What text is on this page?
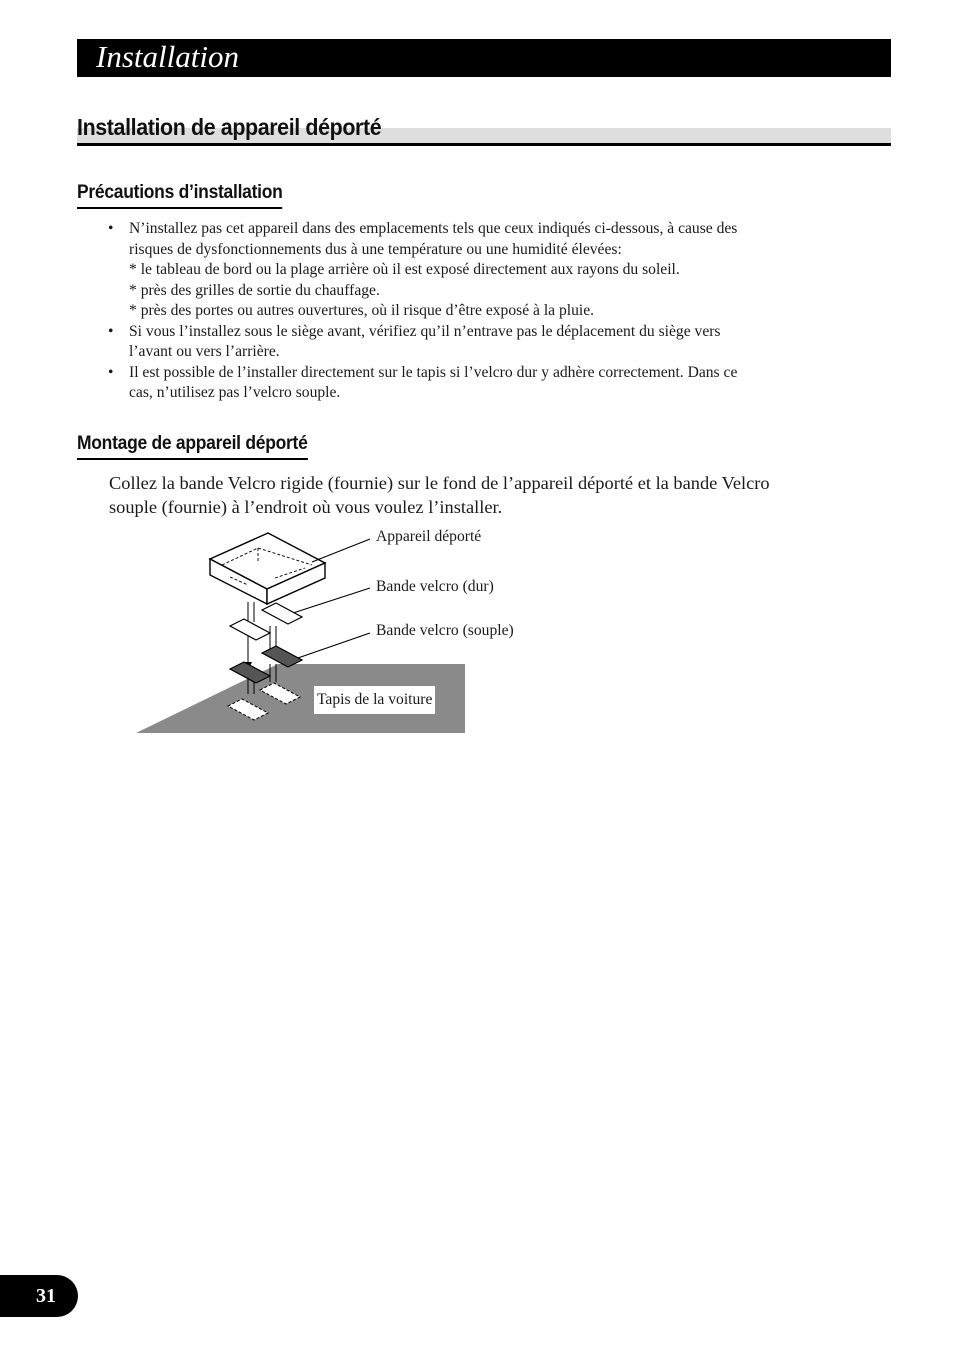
Installation
Installation de appareil déporté
Précautions d’installation
• N’installez pas cet appareil dans des emplacements tels que ceux indiqués ci-dessous, à cause des
risques de dysfonctionnements dus à une température ou une humidité élevées:
* le tableau de bord ou la plage arrière où il est exposé directement aux rayons du soleil.
* près des grilles de sortie du chauffage.
* près des portes ou autres ouvertures, où il risque d’être exposé à la pluie.
• Si vous l’installez sous le siège avant, vérifiez qu’il n’entrave pas le déplacement du siège vers
l’avant ou vers l’arrière.
• Il est possible de l’installer directement sur le tapis si l’velcro dur y adhère correctement. Dans ce
cas, n’utilisez pas l’velcro souple.
Montage de appareil déporté

Collez la bande Velcro rigide (fournie) sur le fond de l’appareil déporté et la bande Velcro
souple (fournie) à l’endroit où vous voulez l’installer.

Appareil déporté
Bande velcro (dur)
Bande velcro (souple)
Tapis de la voiture
31
